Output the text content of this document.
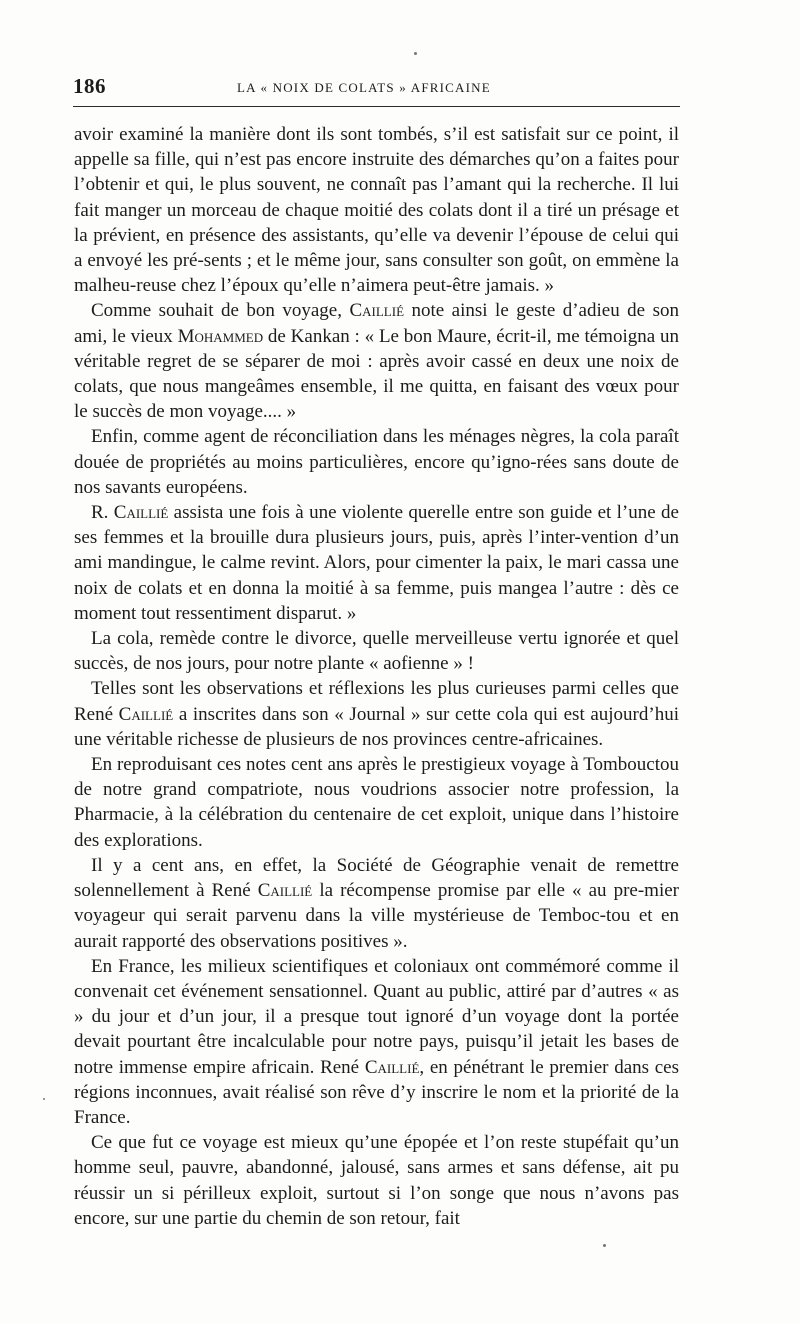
186	LA « NOIX DE COLATS » AFRICAINE

avoir examiné la manière dont ils sont tombés, s’il est satisfait sur ce point, il appelle sa fille, qui n’est pas encore instruite des démarches qu’on a faites pour l’obtenir et qui, le plus souvent, ne connaît pas l’amant qui la recherche. Il lui fait manger un morceau de chaque moitié des colats dont il a tiré un présage et la prévient, en présence des assistants, qu’elle va devenir l’épouse de celui qui a envoyé les pré-sents ; et le même jour, sans consulter son goût, on emmène la malheu-reuse chez l’époux qu’elle n’aimera peut-être jamais. »

Comme souhait de bon voyage, Caillié note ainsi le geste d’adieu de son ami, le vieux Mohammed de Kankan : « Le bon Maure, écrit-il, me témoigna un véritable regret de se séparer de moi : après avoir cassé en deux une noix de colats, que nous mangeâmes ensemble, il me quitta, en faisant des vœux pour le succès de mon voyage.... »

Enfin, comme agent de réconciliation dans les ménages nègres, la cola paraît douée de propriétés au moins particulières, encore qu’igno-rées sans doute de nos savants européens.

R. Caillié assista une fois à une violente querelle entre son guide et l’une de ses femmes et la brouille dura plusieurs jours, puis, après l’inter-vention d’un ami mandingue, le calme revint. Alors, pour cimenter la paix, le mari cassa une noix de colats et en donna la moitié à sa femme, puis mangea l’autre : dès ce moment tout ressentiment disparut. »

La cola, remède contre le divorce, quelle merveilleuse vertu ignorée et quel succès, de nos jours, pour notre plante « aofienne » !

Telles sont les observations et réflexions les plus curieuses parmi celles que René Caillié a inscrites dans son « Journal » sur cette cola qui est aujourd’hui une véritable richesse de plusieurs de nos provinces centre-africaines.

En reproduisant ces notes cent ans après le prestigieux voyage à Tombouctou de notre grand compatriote, nous voudrions associer notre profession, la Pharmacie, à la célébration du centenaire de cet exploit, unique dans l’histoire des explorations.

Il y a cent ans, en effet, la Société de Géographie venait de remettre solennellement à René Caillié la récompense promise par elle « au pre-mier voyageur qui serait parvenu dans la ville mystérieuse de Temboc-tou et en aurait rapporté des observations positives ».

En France, les milieux scientifiques et coloniaux ont commémoré comme il convenait cet événement sensationnel. Quant au public, attiré par d’autres « as » du jour et d’un jour, il a presque tout ignoré d’un voyage dont la portée devait pourtant être incalculable pour notre pays, puisqu’il jetait les bases de notre immense empire africain. René Caillié, en pénétrant le premier dans ces régions inconnues, avait réalisé son rêve d’y inscrire le nom et la priorité de la France.

Ce que fut ce voyage est mieux qu’une épopée et l’on reste stupéfait qu’un homme seul, pauvre, abandonné, jalousé, sans armes et sans défense, ait pu réussir un si périlleux exploit, surtout si l’on songe que nous n’avons pas encore, sur une partie du chemin de son retour, fait
